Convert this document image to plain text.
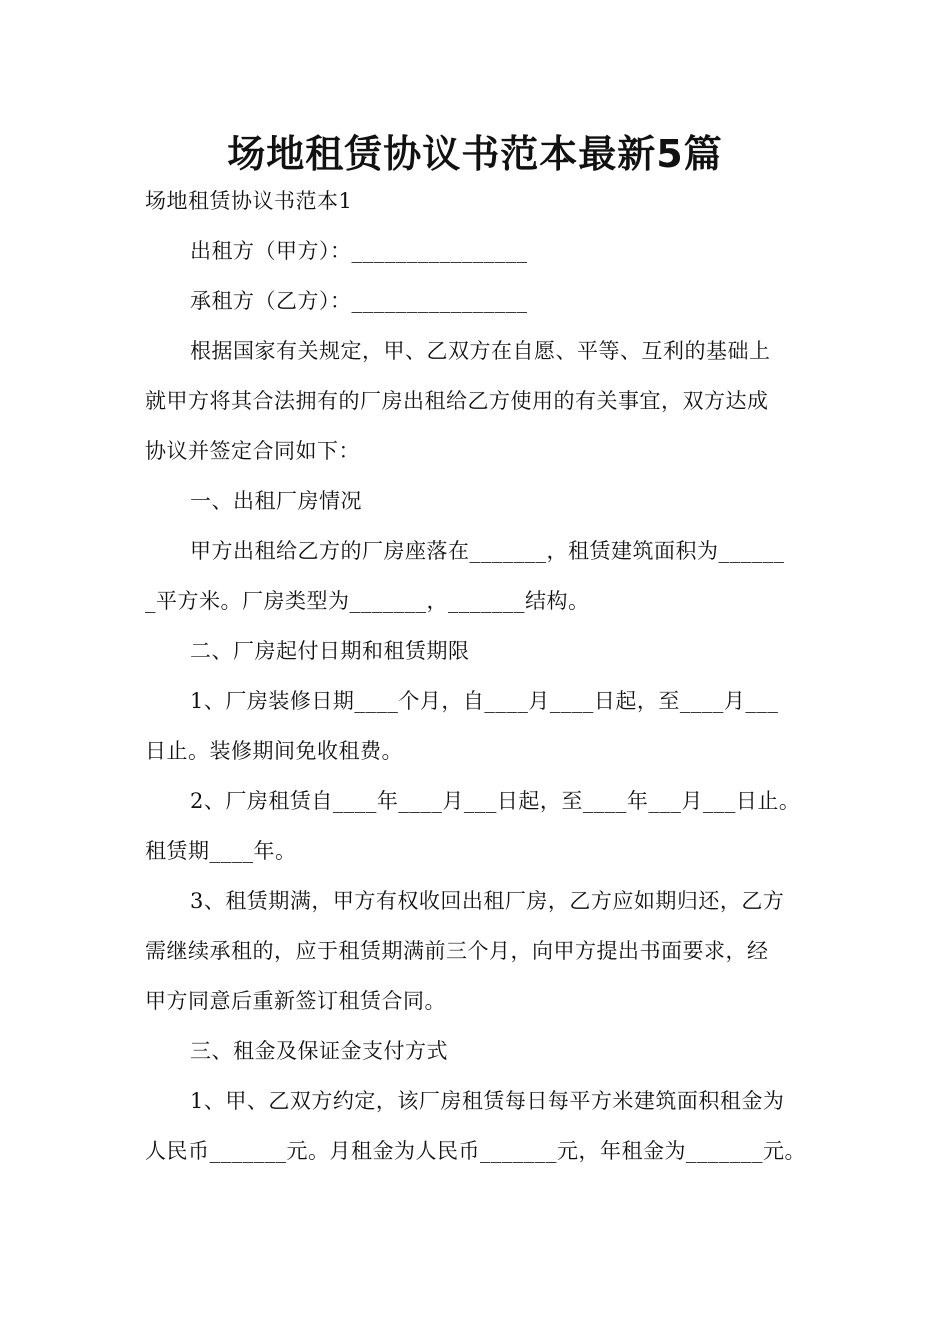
场地租赁协议书范本最新5篇

场地租赁协议书范本1

出租方（甲方）：________________

承租方（乙方）：________________

根据国家有关规定，甲、乙双方在自愿、平等、互利的基础上

就甲方将其合法拥有的厂房出租给乙方使用的有关事宜，双方达成

协议并签定合同如下：

一、出租厂房情况

甲方出租给乙方的厂房座落在_______，租赁建筑面积为______

_平方米。厂房类型为_______，_______结构。

二、厂房起付日期和租赁期限

1、厂房装修日期____个月，自____月____日起，至____月___

日止。装修期间免收租费。

2、厂房租赁自____年____月___日起，至____年___月___日止。

租赁期____年。

3、租赁期满，甲方有权收回出租厂房，乙方应如期归还，乙方

需继续承租的，应于租赁期满前三个月，向甲方提出书面要求，经

甲方同意后重新签订租赁合同。

三、租金及保证金支付方式

1、甲、乙双方约定，该厂房租赁每日每平方米建筑面积租金为

人民币_______元。月租金为人民币_______元，年租金为_______元。
